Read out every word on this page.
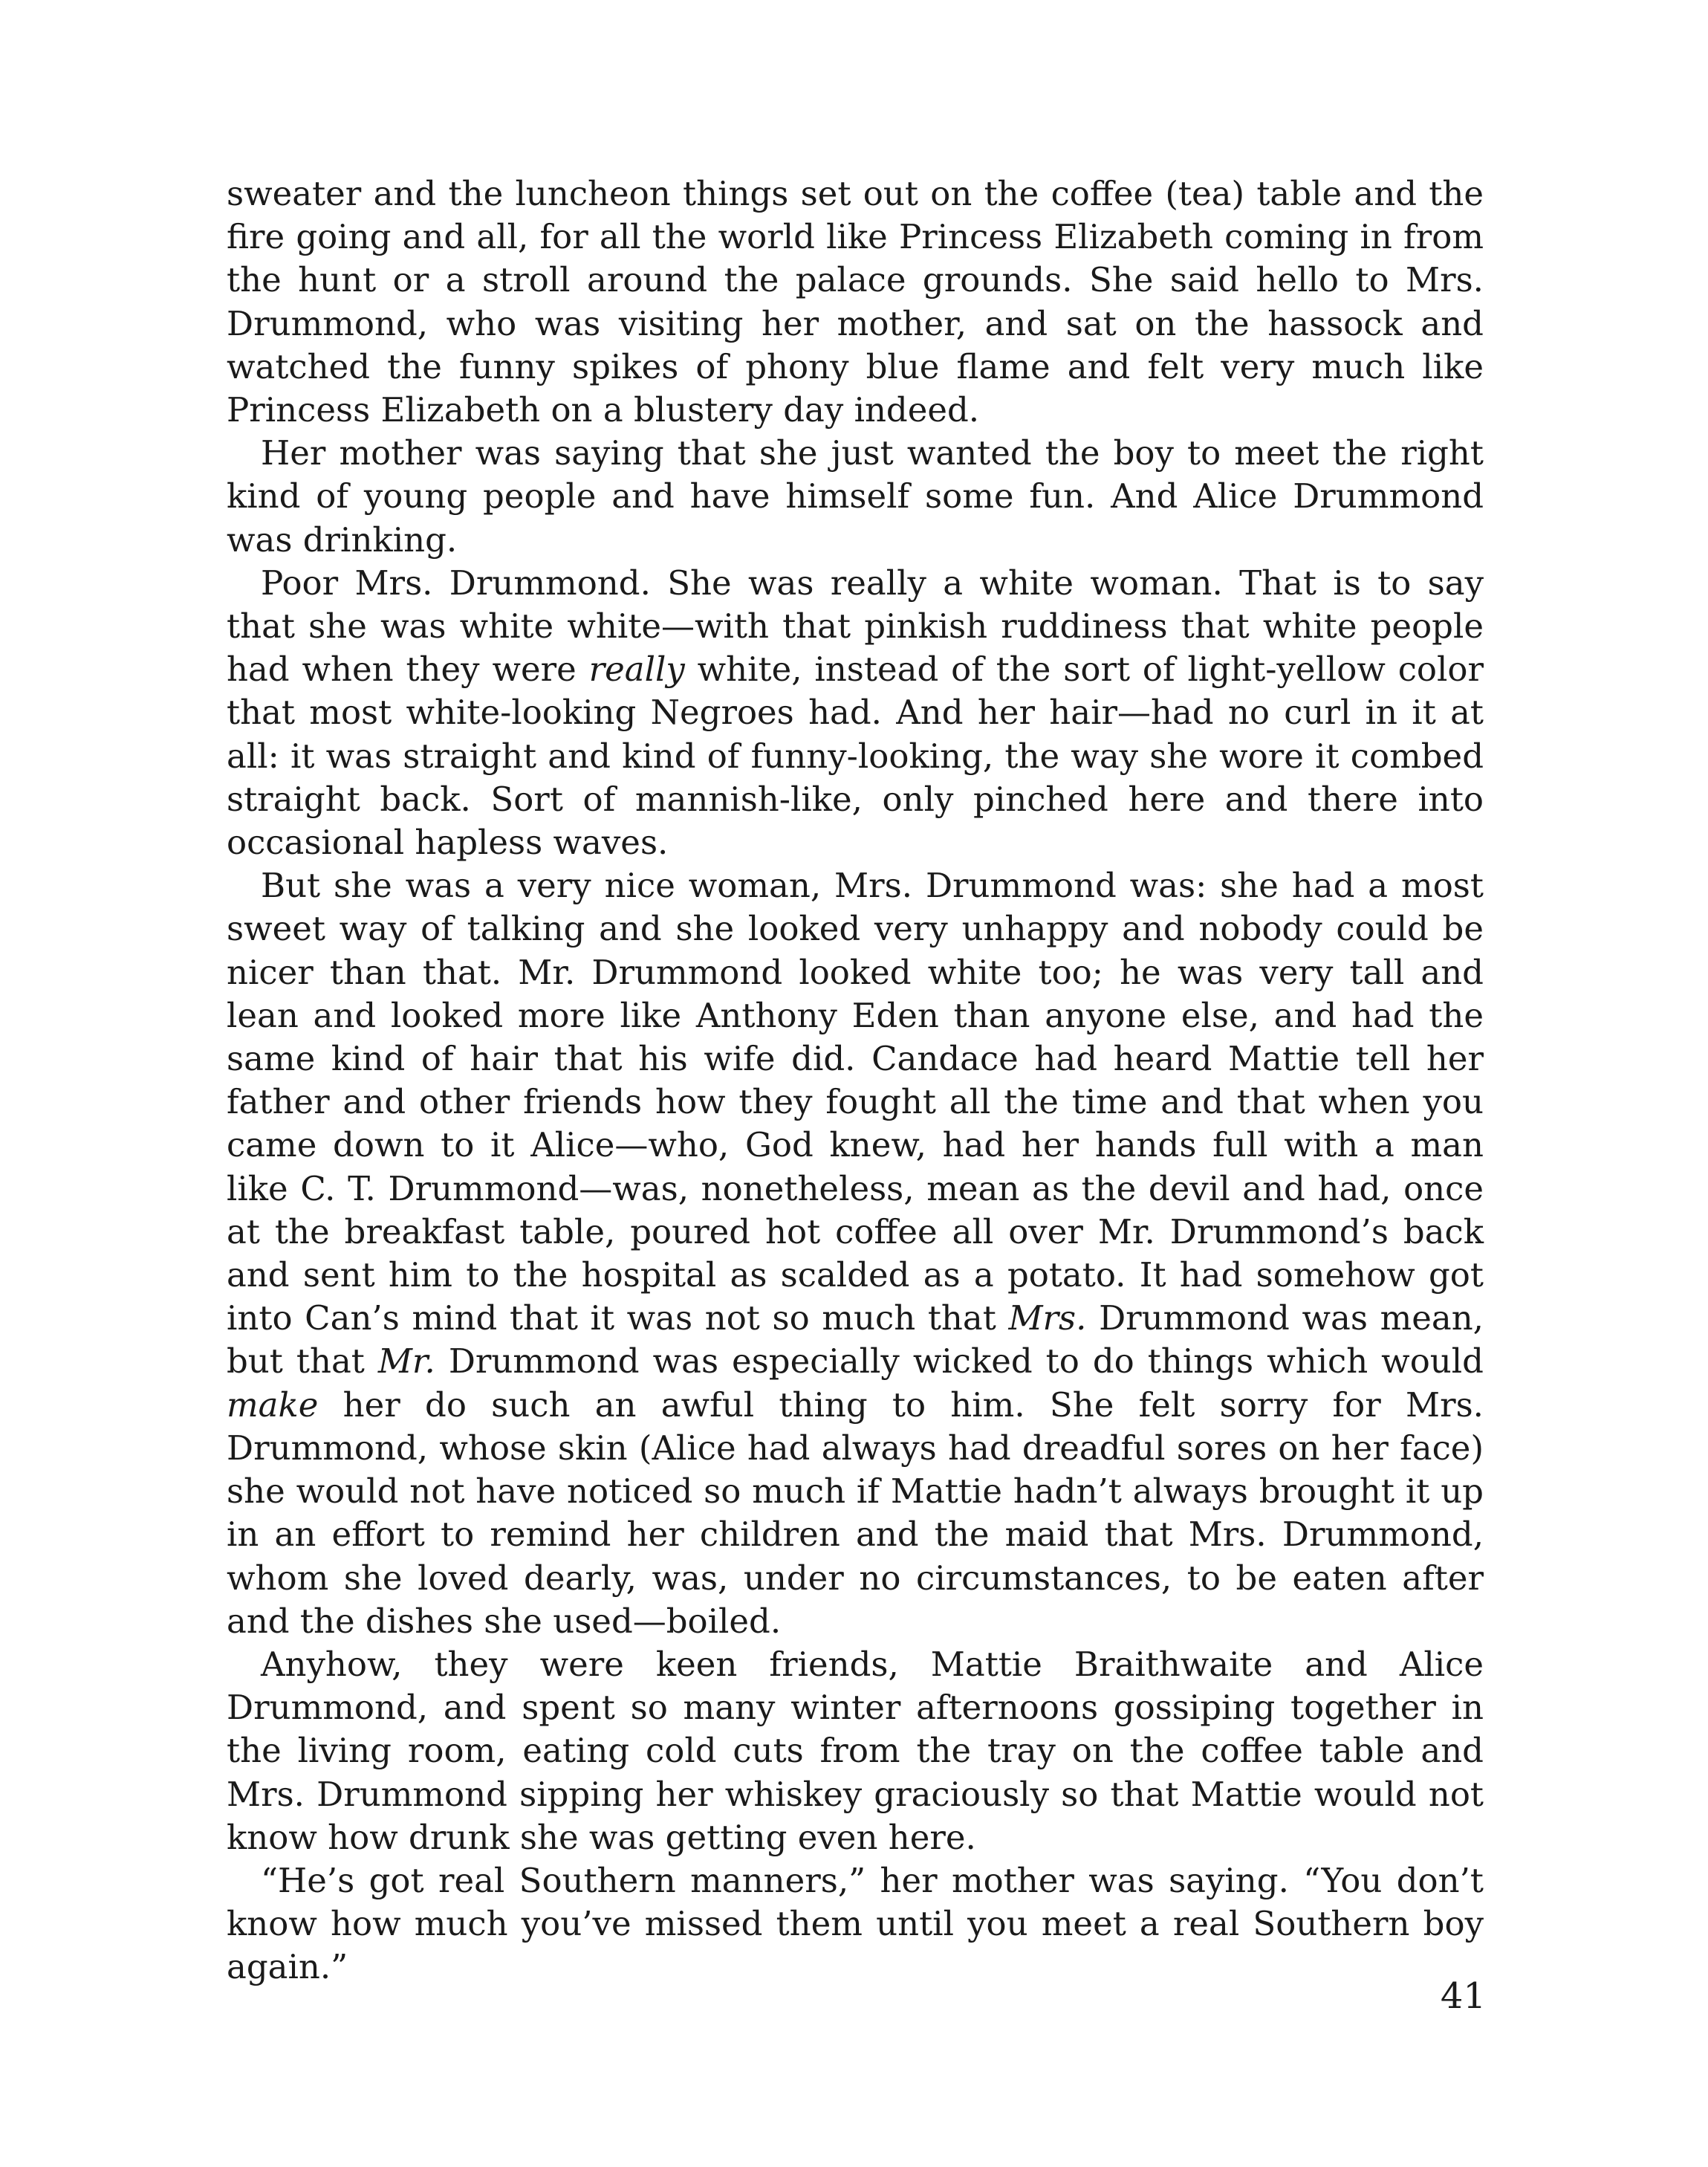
sweater and the luncheon things set out on the coffee (tea) table and the fire going and all, for all the world like Princess Elizabeth coming in from the hunt or a stroll around the palace grounds. She said hello to Mrs. Drummond, who was visiting her mother, and sat on the hassock and watched the funny spikes of phony blue flame and felt very much like Princess Elizabeth on a blustery day indeed.

Her mother was saying that she just wanted the boy to meet the right kind of young people and have himself some fun. And Alice Drummond was drinking.

Poor Mrs. Drummond. She was really a white woman. That is to say that she was white white—with that pinkish ruddiness that white people had when they were really white, instead of the sort of light-yellow color that most white-looking Negroes had. And her hair—had no curl in it at all: it was straight and kind of funny-looking, the way she wore it combed straight back. Sort of mannish-like, only pinched here and there into occasional hapless waves.

But she was a very nice woman, Mrs. Drummond was: she had a most sweet way of talking and she looked very unhappy and nobody could be nicer than that. Mr. Drummond looked white too; he was very tall and lean and looked more like Anthony Eden than anyone else, and had the same kind of hair that his wife did. Candace had heard Mattie tell her father and other friends how they fought all the time and that when you came down to it Alice—who, God knew, had her hands full with a man like C. T. Drummond—was, nonetheless, mean as the devil and had, once at the breakfast table, poured hot coffee all over Mr. Drummond’s back and sent him to the hospital as scalded as a potato. It had somehow got into Can’s mind that it was not so much that Mrs. Drummond was mean, but that Mr. Drummond was especially wicked to do things which would make her do such an awful thing to him. She felt sorry for Mrs. Drummond, whose skin (Alice had always had dreadful sores on her face) she would not have noticed so much if Mattie hadn’t always brought it up in an effort to remind her children and the maid that Mrs. Drummond, whom she loved dearly, was, under no circumstances, to be eaten after and the dishes she used—boiled.

Anyhow, they were keen friends, Mattie Braithwaite and Alice Drummond, and spent so many winter afternoons gossiping together in the living room, eating cold cuts from the tray on the coffee table and Mrs. Drummond sipping her whiskey graciously so that Mattie would not know how drunk she was getting even here.

“He’s got real Southern manners,” her mother was saying. “You don’t know how much you’ve missed them until you meet a real Southern boy again.”

41
